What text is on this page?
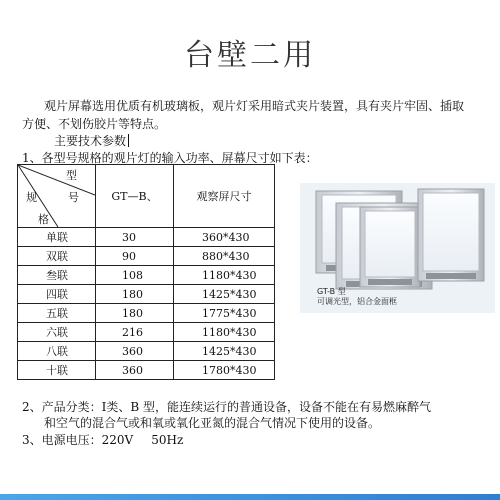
台壁二用
观片屏幕选用优质有机玻璃板，观片灯采用暗式夹片装置，具有夹片牢固、插取方便、不划伤胶片等特点。
主要技术参数
1、各型号规格的观片灯的输入功率、屏幕尺寸如下表：
型
规 号
格	GT—B、	观察屏尺寸
单联	30	360*430
双联	90	880*430
叁联	108	1180*430
四联	180	1425*430
五联	180	1775*430
六联	216	1180*430
八联	360	1425*430
十联	360	1780*430
GT-B 型
可调光型，铝合金面框
2、产品分类：Ⅰ类、B 型，能连续运行的普通设备，设备不能在有易燃麻醉气
和空气的混合气或和氧或氧化亚氮的混合气情况下使用的设备。
3、电源电压：220V 50Hz
